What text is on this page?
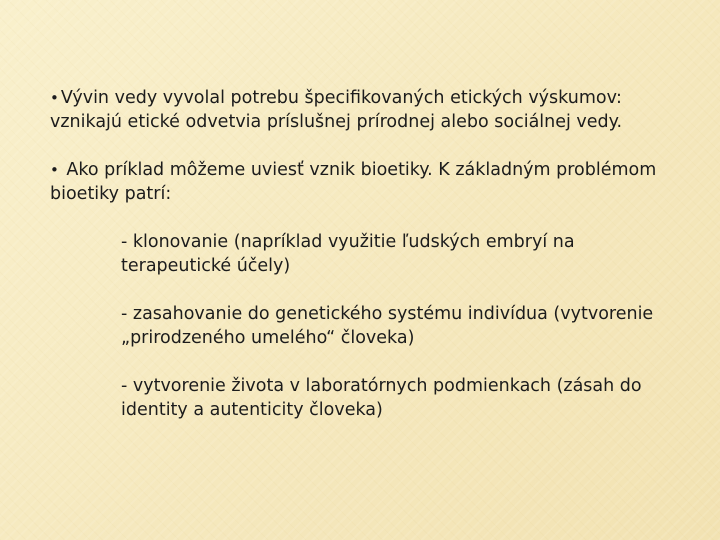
• Vývin vedy vyvolal potrebu špecifikovaných etických výskumov:
vznikajú etické odvetvia príslušnej prírodnej alebo sociálnej vedy.

• Ako príklad môžeme uviesť vznik bioetiky. K základným problémom
bioetiky patrí:

- klonovanie (napríklad využitie ľudských embryí na
terapeutické účely)

- zasahovanie do genetického systému indivídua (vytvorenie
„prirodzeného umelého“ človeka)

- vytvorenie života v laboratórnych podmienkach (zásah do
identity a autenticity človeka)
